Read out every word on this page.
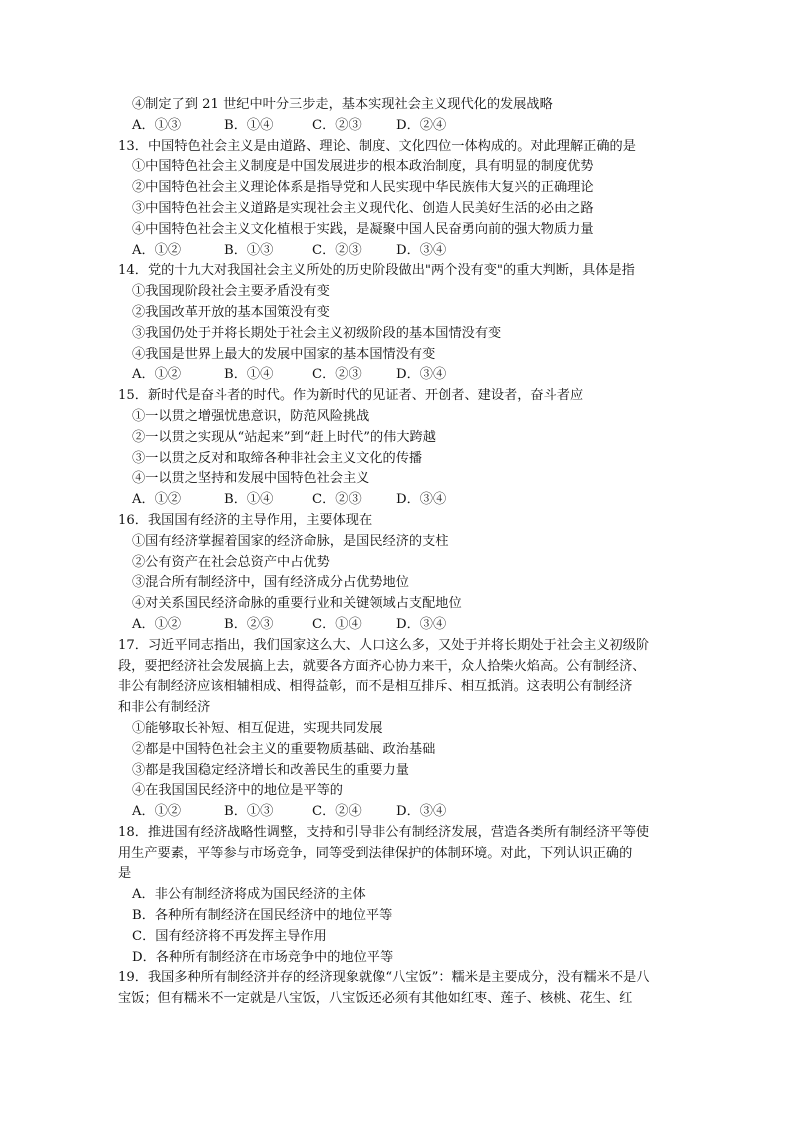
④制定了到 21 世纪中叶分三步走，基本实现社会主义现代化的发展战略
A．①③	B．①④	C．②③	D．②④
13．中国特色社会主义是由道路、理论、制度、文化四位一体构成的。对此理解正确的是
①中国特色社会主义制度是中国发展进步的根本政治制度，具有明显的制度优势
②中国特色社会主义理论体系是指导党和人民实现中华民族伟大复兴的正确理论
③中国特色社会主义道路是实现社会主义现代化、创造人民美好生活的必由之路
④中国特色社会主义文化植根于实践，是凝聚中国人民奋勇向前的强大物质力量
A．①②	B．①③	C．②③	D．③④
14．党的十九大对我国社会主义所处的历史阶段做出"两个没有变"的重大判断，具体是指
①我国现阶段社会主要矛盾没有变
②我国改革开放的基本国策没有变
③我国仍处于并将长期处于社会主义初级阶段的基本国情没有变
④我国是世界上最大的发展中国家的基本国情没有变
A．①②	B．①④	C．②③	D．③④
15．新时代是奋斗者的时代。作为新时代的见证者、开创者、建设者，奋斗者应
①一以贯之增强忧患意识，防范风险挑战
②一以贯之实现从“站起来”到“赶上时代”的伟大跨越
③一以贯之反对和取缔各种非社会主义文化的传播
④一以贯之坚持和发展中国特色社会主义
A．①②	B．①④	C．②③	D．③④
16．我国国有经济的主导作用，主要体现在
①国有经济掌握着国家的经济命脉，是国民经济的支柱
②公有资产在社会总资产中占优势
③混合所有制经济中，国有经济成分占优势地位
④对关系国民经济命脉的重要行业和关键领域占支配地位
A．①②	B．②③	C．①④	D．③④
17．习近平同志指出，我们国家这么大、人口这么多，又处于并将长期处于社会主义初级阶
段，要把经济社会发展搞上去，就要各方面齐心协力来干，众人拾柴火焰高。公有制经济、
非公有制经济应该相辅相成、相得益彰，而不是相互排斥、相互抵消。这表明公有制经济
和非公有制经济
①能够取长补短、相互促进，实现共同发展
②都是中国特色社会主义的重要物质基础、政治基础
③都是我国稳定经济增长和改善民生的重要力量
④在我国国民经济中的地位是平等的
A．①②	B．①③	C．②④	D．③④
18．推进国有经济战略性调整，支持和引导非公有制经济发展，营造各类所有制经济平等使
用生产要素，平等参与市场竞争，同等受到法律保护的体制环境。对此，下列认识正确的
是
A．非公有制经济将成为国民经济的主体
B．各种所有制经济在国民经济中的地位平等
C．国有经济将不再发挥主导作用
D．各种所有制经济在市场竞争中的地位平等
19．我国多种所有制经济并存的经济现象就像“八宝饭”：糯米是主要成分，没有糯米不是八
宝饭；但有糯米不一定就是八宝饭，八宝饭还必须有其他如红枣、莲子、核桃、花生、红
